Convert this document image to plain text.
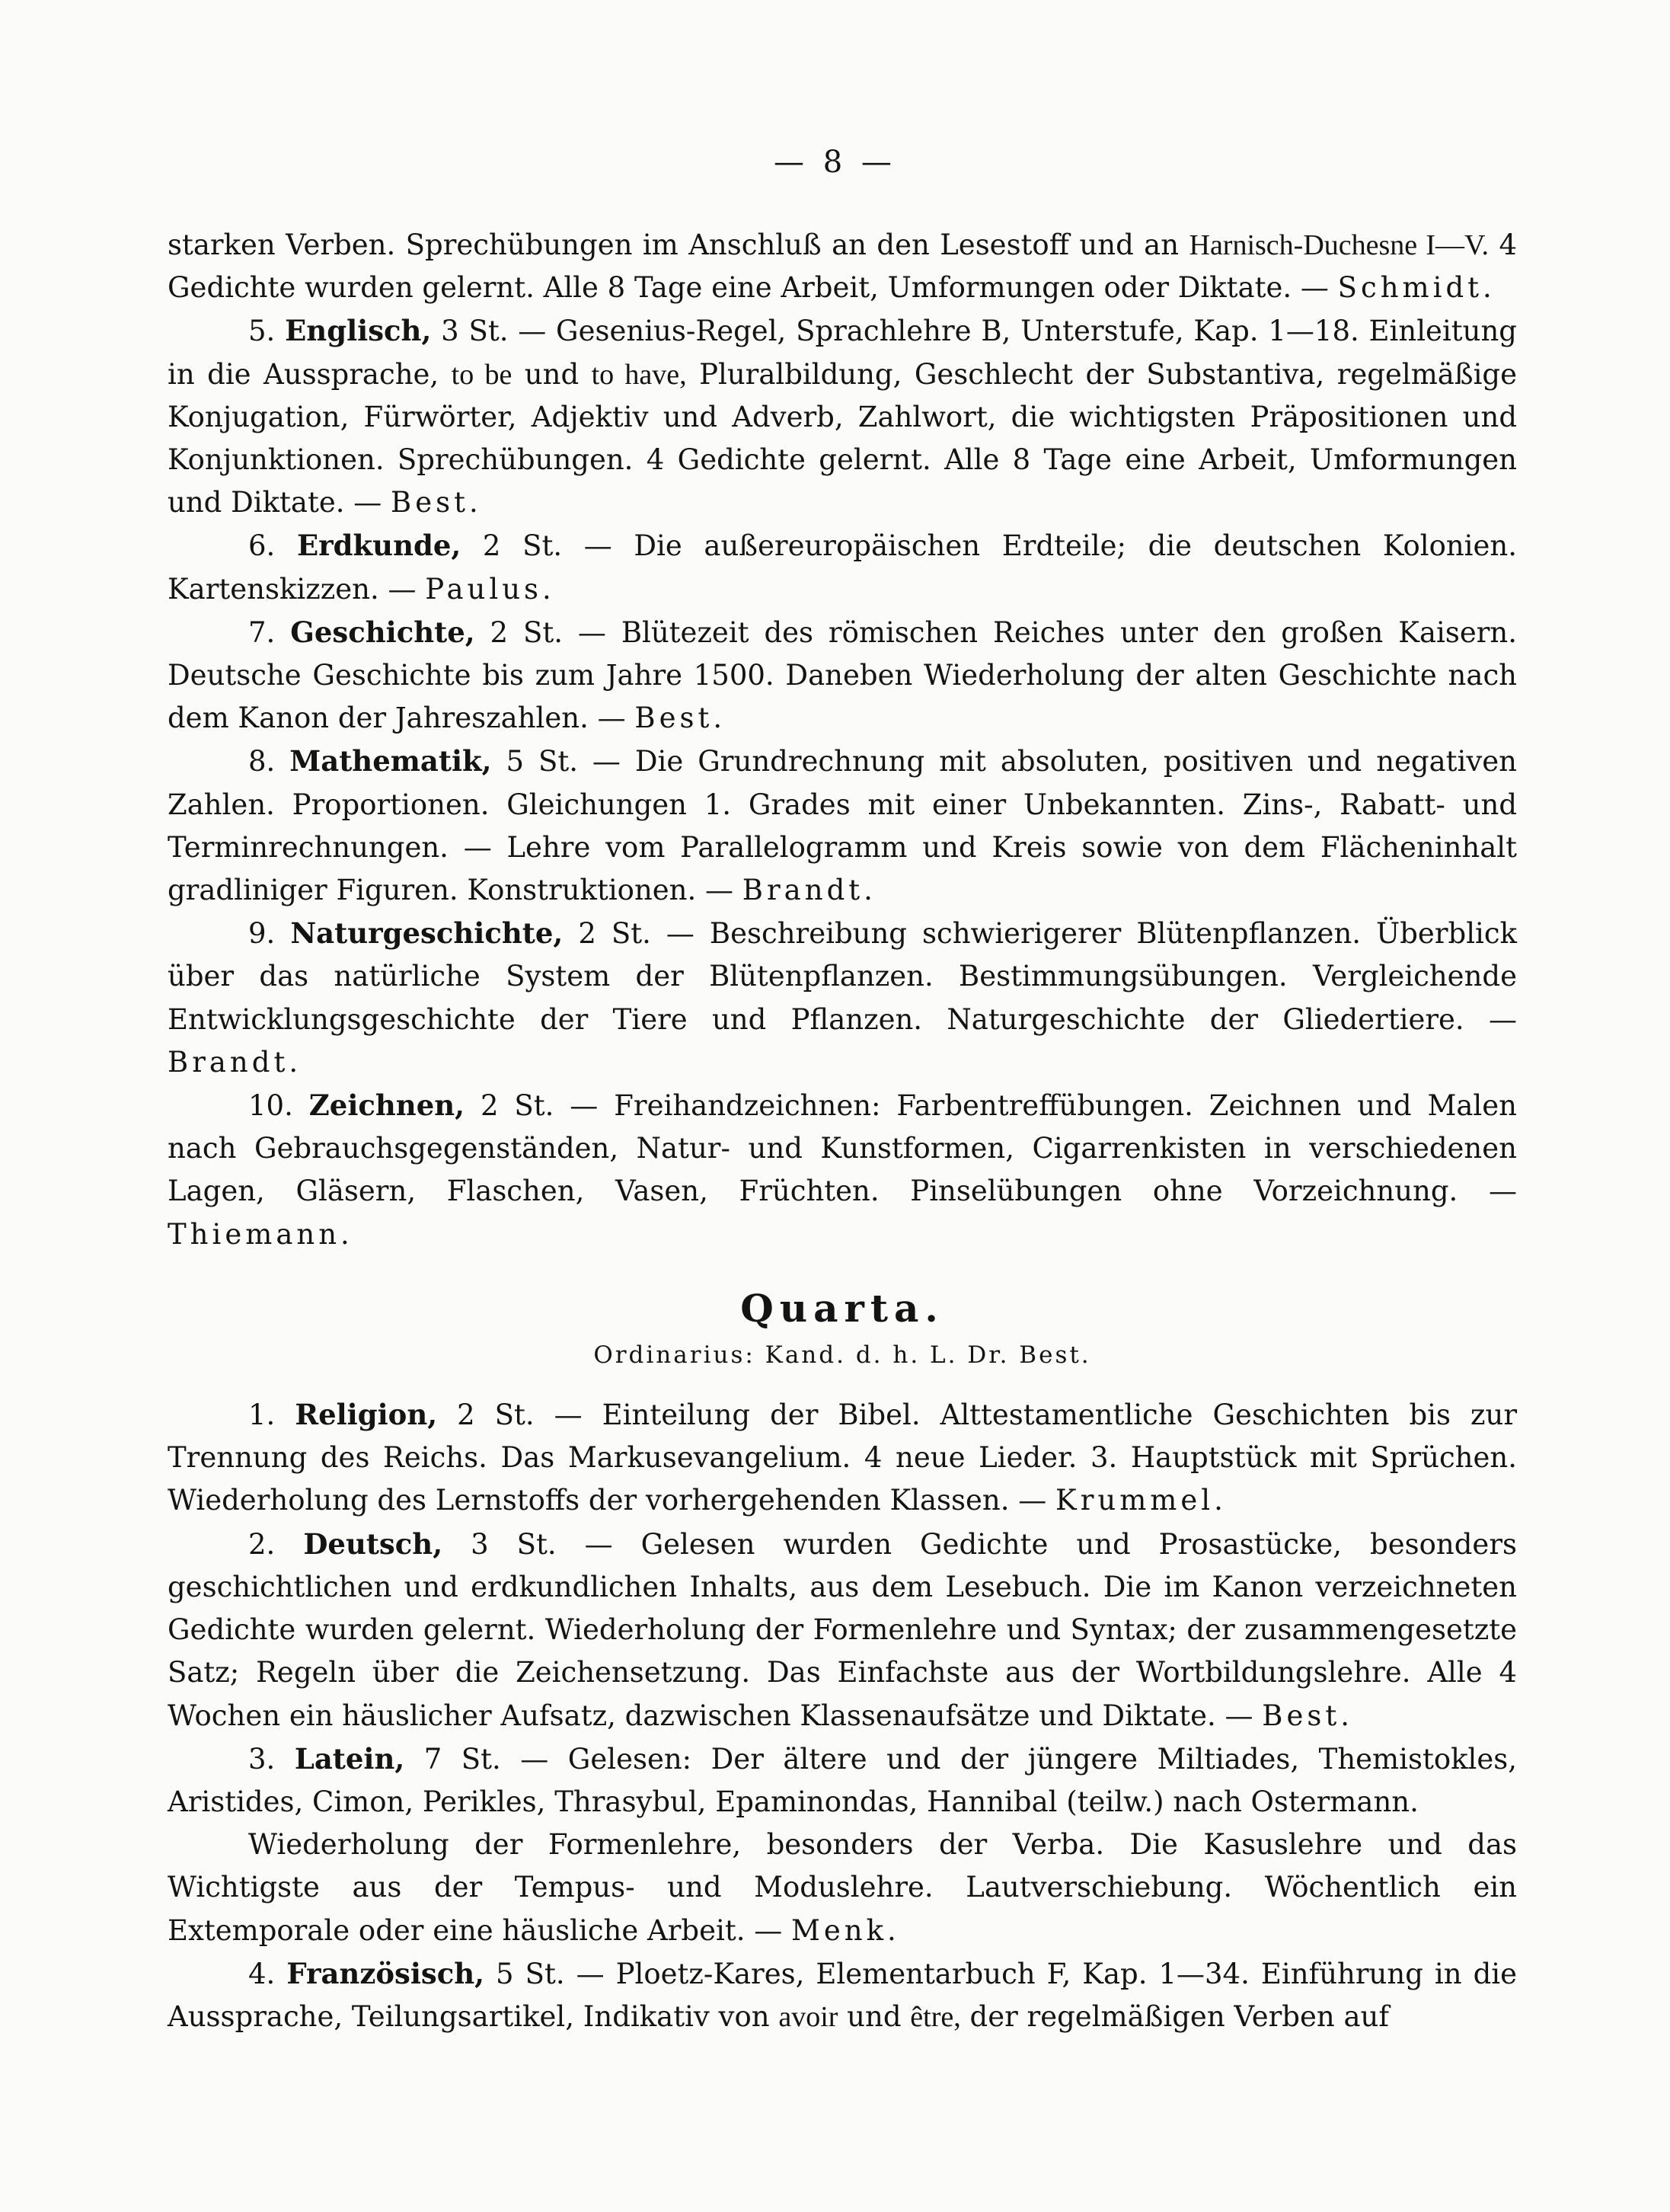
— 8 —

starken Verben. Sprechübungen im Anschluß an den Lesestoff und an Harnisch-Duchesne I—V. 4 Gedichte wurden gelernt. Alle 8 Tage eine Arbeit, Umformungen oder Diktate. — Schmidt.

5. Englisch, 3 St. — Gesenius-Regel, Sprachlehre B, Unterstufe, Kap. 1—18. Einleitung in die Aussprache, to be und to have, Pluralbildung, Geschlecht der Substantiva, regelmäßige Konjugation, Fürwörter, Adjektiv und Adverb, Zahlwort, die wichtigsten Präpositionen und Konjunktionen. Sprechübungen. 4 Gedichte gelernt. Alle 8 Tage eine Arbeit, Umformungen und Diktate. — Best.

6. Erdkunde, 2 St. — Die außereuropäischen Erdteile; die deutschen Kolonien. Kartenskizzen. — Paulus.

7. Geschichte, 2 St. — Blütezeit des römischen Reiches unter den großen Kaisern. Deutsche Geschichte bis zum Jahre 1500. Daneben Wiederholung der alten Geschichte nach dem Kanon der Jahreszahlen. — Best.

8. Mathematik, 5 St. — Die Grundrechnung mit absoluten, positiven und negativen Zahlen. Proportionen. Gleichungen 1. Grades mit einer Unbekannten. Zins-, Rabatt- und Terminrechnungen. — Lehre vom Parallelogramm und Kreis sowie von dem Flächeninhalt gradliniger Figuren. Konstruktionen. — Brandt.

9. Naturgeschichte, 2 St. — Beschreibung schwierigerer Blütenpflanzen. Überblick über das natürliche System der Blütenpflanzen. Bestimmungsübungen. Vergleichende Entwicklungsgeschichte der Tiere und Pflanzen. Naturgeschichte der Gliedertiere. — Brandt.

10. Zeichnen, 2 St. — Freihandzeichnen: Farbentreffübungen. Zeichnen und Malen nach Gebrauchsgegenständen, Natur- und Kunstformen, Cigarrenkisten in verschiedenen Lagen, Gläsern, Flaschen, Vasen, Früchten. Pinselübungen ohne Vorzeichnung. — Thiemann.

Quarta.

Ordinarius: Kand. d. h. L. Dr. Best.

1. Religion, 2 St. — Einteilung der Bibel. Alttestamentliche Geschichten bis zur Trennung des Reichs. Das Markusevangelium. 4 neue Lieder. 3. Hauptstück mit Sprüchen. Wiederholung des Lernstoffs der vorhergehenden Klassen. — Krummel.

2. Deutsch, 3 St. — Gelesen wurden Gedichte und Prosastücke, besonders geschichtlichen und erdkundlichen Inhalts, aus dem Lesebuch. Die im Kanon verzeichneten Gedichte wurden gelernt. Wiederholung der Formenlehre und Syntax; der zusammengesetzte Satz; Regeln über die Zeichensetzung. Das Einfachste aus der Wortbildungslehre. Alle 4 Wochen ein häuslicher Aufsatz, dazwischen Klassenaufsätze und Diktate. — Best.

3. Latein, 7 St. — Gelesen: Der ältere und der jüngere Miltiades, Themistokles, Aristides, Cimon, Perikles, Thrasybul, Epaminondas, Hannibal (teilw.) nach Ostermann.

Wiederholung der Formenlehre, besonders der Verba. Die Kasuslehre und das Wichtigste aus der Tempus- und Moduslehre. Lautverschiebung. Wöchentlich ein Extemporale oder eine häusliche Arbeit. — Menk.

4. Französisch, 5 St. — Ploetz-Kares, Elementarbuch F, Kap. 1—34. Einführung in die Aussprache, Teilungsartikel, Indikativ von avoir und être, der regelmäßigen Verben auf
